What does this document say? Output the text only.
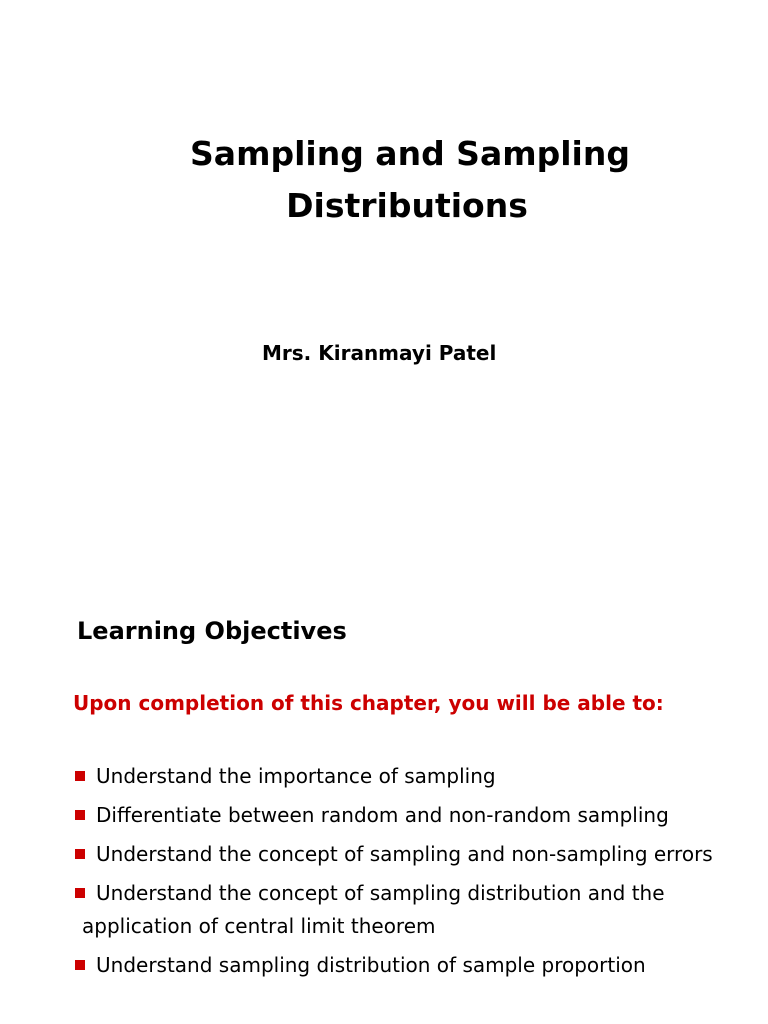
Sampling and Sampling
Distributions
Mrs. Kiranmayi Patel
Learning Objectives
Upon completion of this chapter, you will be able to:
Understand the importance of sampling
Differentiate between random and non-random sampling
Understand the concept of sampling and non-sampling errors
Understand the concept of sampling distribution and the application of central limit theorem
Understand sampling distribution of sample proportion
